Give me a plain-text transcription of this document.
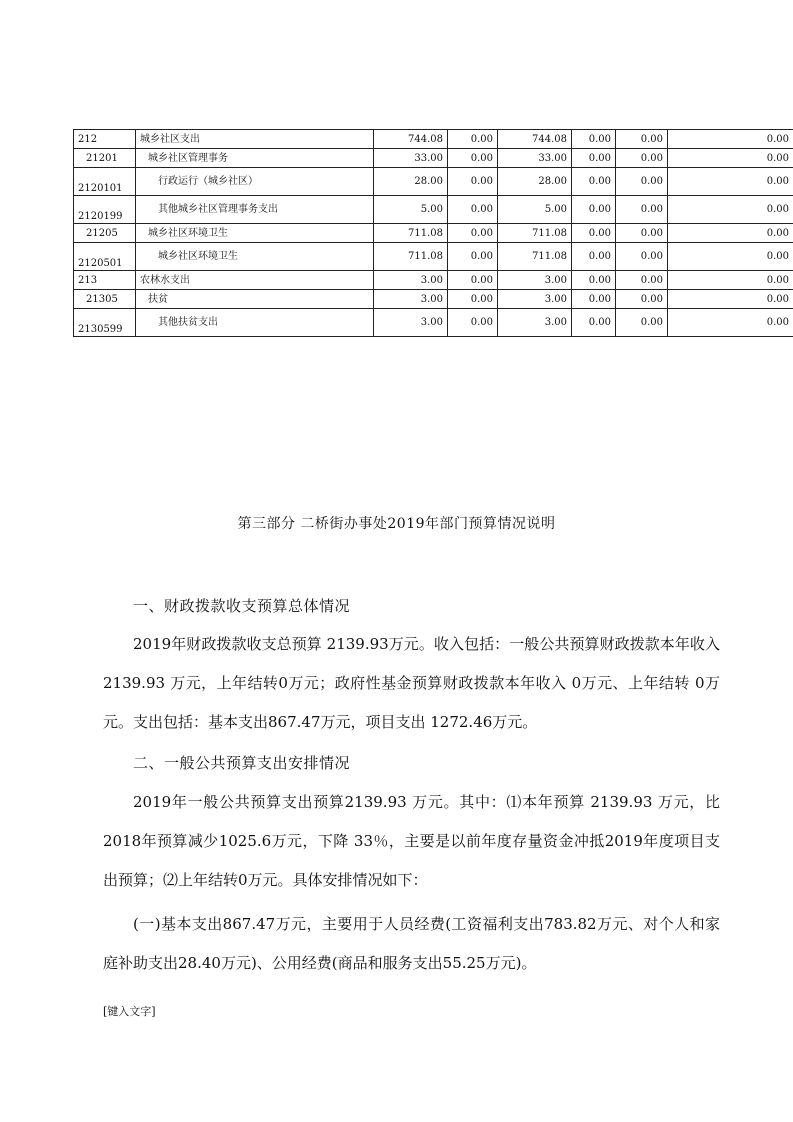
212	城乡社区支出	744.08	0.00	744.08	0.00	0.00	0.00
21201	城乡社区管理事务	33.00	0.00	33.00	0.00	0.00	0.00
2120101	行政运行（城乡社区）	28.00	0.00	28.00	0.00	0.00	0.00
2120199	其他城乡社区管理事务支出	5.00	0.00	5.00	0.00	0.00	0.00
21205	城乡社区环境卫生	711.08	0.00	711.08	0.00	0.00	0.00
2120501	城乡社区环境卫生	711.08	0.00	711.08	0.00	0.00	0.00
213	农林水支出	3.00	0.00	3.00	0.00	0.00	0.00
21305	扶贫	3.00	0.00	3.00	0.00	0.00	0.00
2130599	其他扶贫支出	3.00	0.00	3.00	0.00	0.00	0.00
第三部分 二桥街办事处2019年部门预算情况说明
一、财政拨款收支预算总体情况

2019年财政拨款收支总预算 2139.93万元。收入包括：一般公共预算财政拨款本年收入 2139.93 万元，上年结转0万元；政府性基金预算财政拨款本年收入 0万元、上年结转 0万元。支出包括：基本支出867.47万元，项目支出 1272.46万元。

二、一般公共预算支出安排情况

2019年一般公共预算支出预算2139.93 万元。其中：⑴本年预算 2139.93 万元，比2018年预算减少1025.6万元，下降 33％，主要是以前年度存量资金冲抵2019年度项目支出预算；⑵上年结转0万元。具体安排情况如下：

(一)基本支出867.47万元，主要用于人员经费(工资福利支出783.82万元、对个人和家庭补助支出28.40万元)、公用经费(商品和服务支出55.25万元)。

[键入文字]
